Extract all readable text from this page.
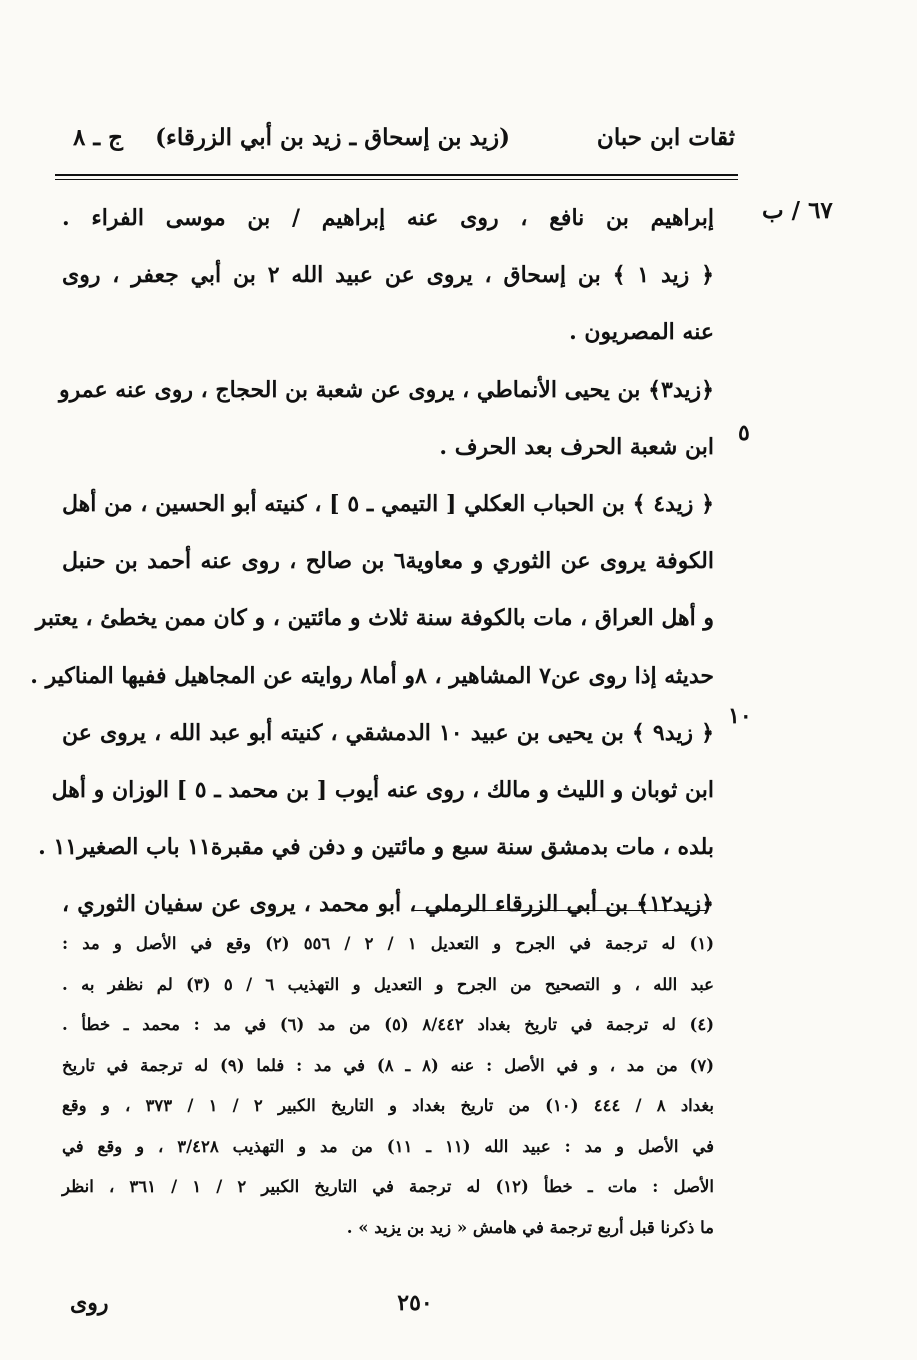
ثقات ابن حبان
(زيد بن إسحاق ـ زيد بن أبي الزرقاء)
ج ـ ٨
٦٧ / ب
٥
١٠
إبراهيم بن نافع ، روى عنه إبراهيم / بن موسى الفراء .
﴿ زيد ١ ﴾ بن إسحاق ، يروى عن عبيد الله ٢ بن أبي جعفر ، روى
عنه المصريون .
﴿زيد٣﴾ بن يحيى الأنماطي ، يروى عن شعبة بن الحجاج ، روى عنه عمرو
ابن شعبة الحرف بعد الحرف .
﴿ زيد٤ ﴾ بن الحباب العكلي [ التيمي ـ ٥ ] ، كنيته أبو الحسين ، من أهل
الكوفة يروى عن الثوري و معاوية٦ بن صالح ، روى عنه أحمد بن حنبل
و أهل العراق ، مات بالكوفة سنة ثلاث و مائتين ، و كان ممن يخطئ ، يعتبر
حديثه إذا روى عن٧ المشاهير ، ٨و أما٨ روايته عن المجاهيل ففيها المناكير .
﴿ زيد٩ ﴾ بن يحيى بن عبيد ١٠ الدمشقي ، كنيته أبو عبد الله ، يروى عن
ابن ثوبان و الليث و مالك ، روى عنه أيوب [ بن محمد ـ ٥ ] الوزان و أهل
بلده ، مات بدمشق سنة سبع و مائتين و دفن في مقبرة١١ باب الصغير١١ .
﴿زيد١٢﴾ بن أبي الزرقاء الرملي ، أبو محمد ، يروى عن سفيان الثوري ،
(١) له ترجمة في الجرح و التعديل ١ / ٢ / ٥٥٦ (٢) وقع في الأصل و مد :
عبد الله ، و التصحيح من الجرح و التعديل و التهذيب ٦ / ٥ (٣) لم نظفر به .
(٤) له ترجمة في تاريخ بغداد ٨/٤٤٢ (٥) من مد (٦) في مد : محمد ـ خطأ .
(٧) من مد ، و في الأصل : عنه (٨ ـ ٨) في مد : فلما (٩) له ترجمة في تاريخ
بغداد ٨ / ٤٤٤ (١٠) من تاريخ بغداد و التاريخ الكبير ٢ / ١ / ٣٧٣ ، و وقع
في الأصل و مد : عبيد الله (١١ ـ ١١) من مد و التهذيب ٣/٤٢٨ ، و وقع في
الأصل : مات ـ خطأ (١٢) له ترجمة في التاريخ الكبير ٢ / ١ / ٣٦١ ، انظر
ما ذكرنا قبل أربع ترجمة في هامش « زيد بن يزيد » .
٢٥٠
روى
